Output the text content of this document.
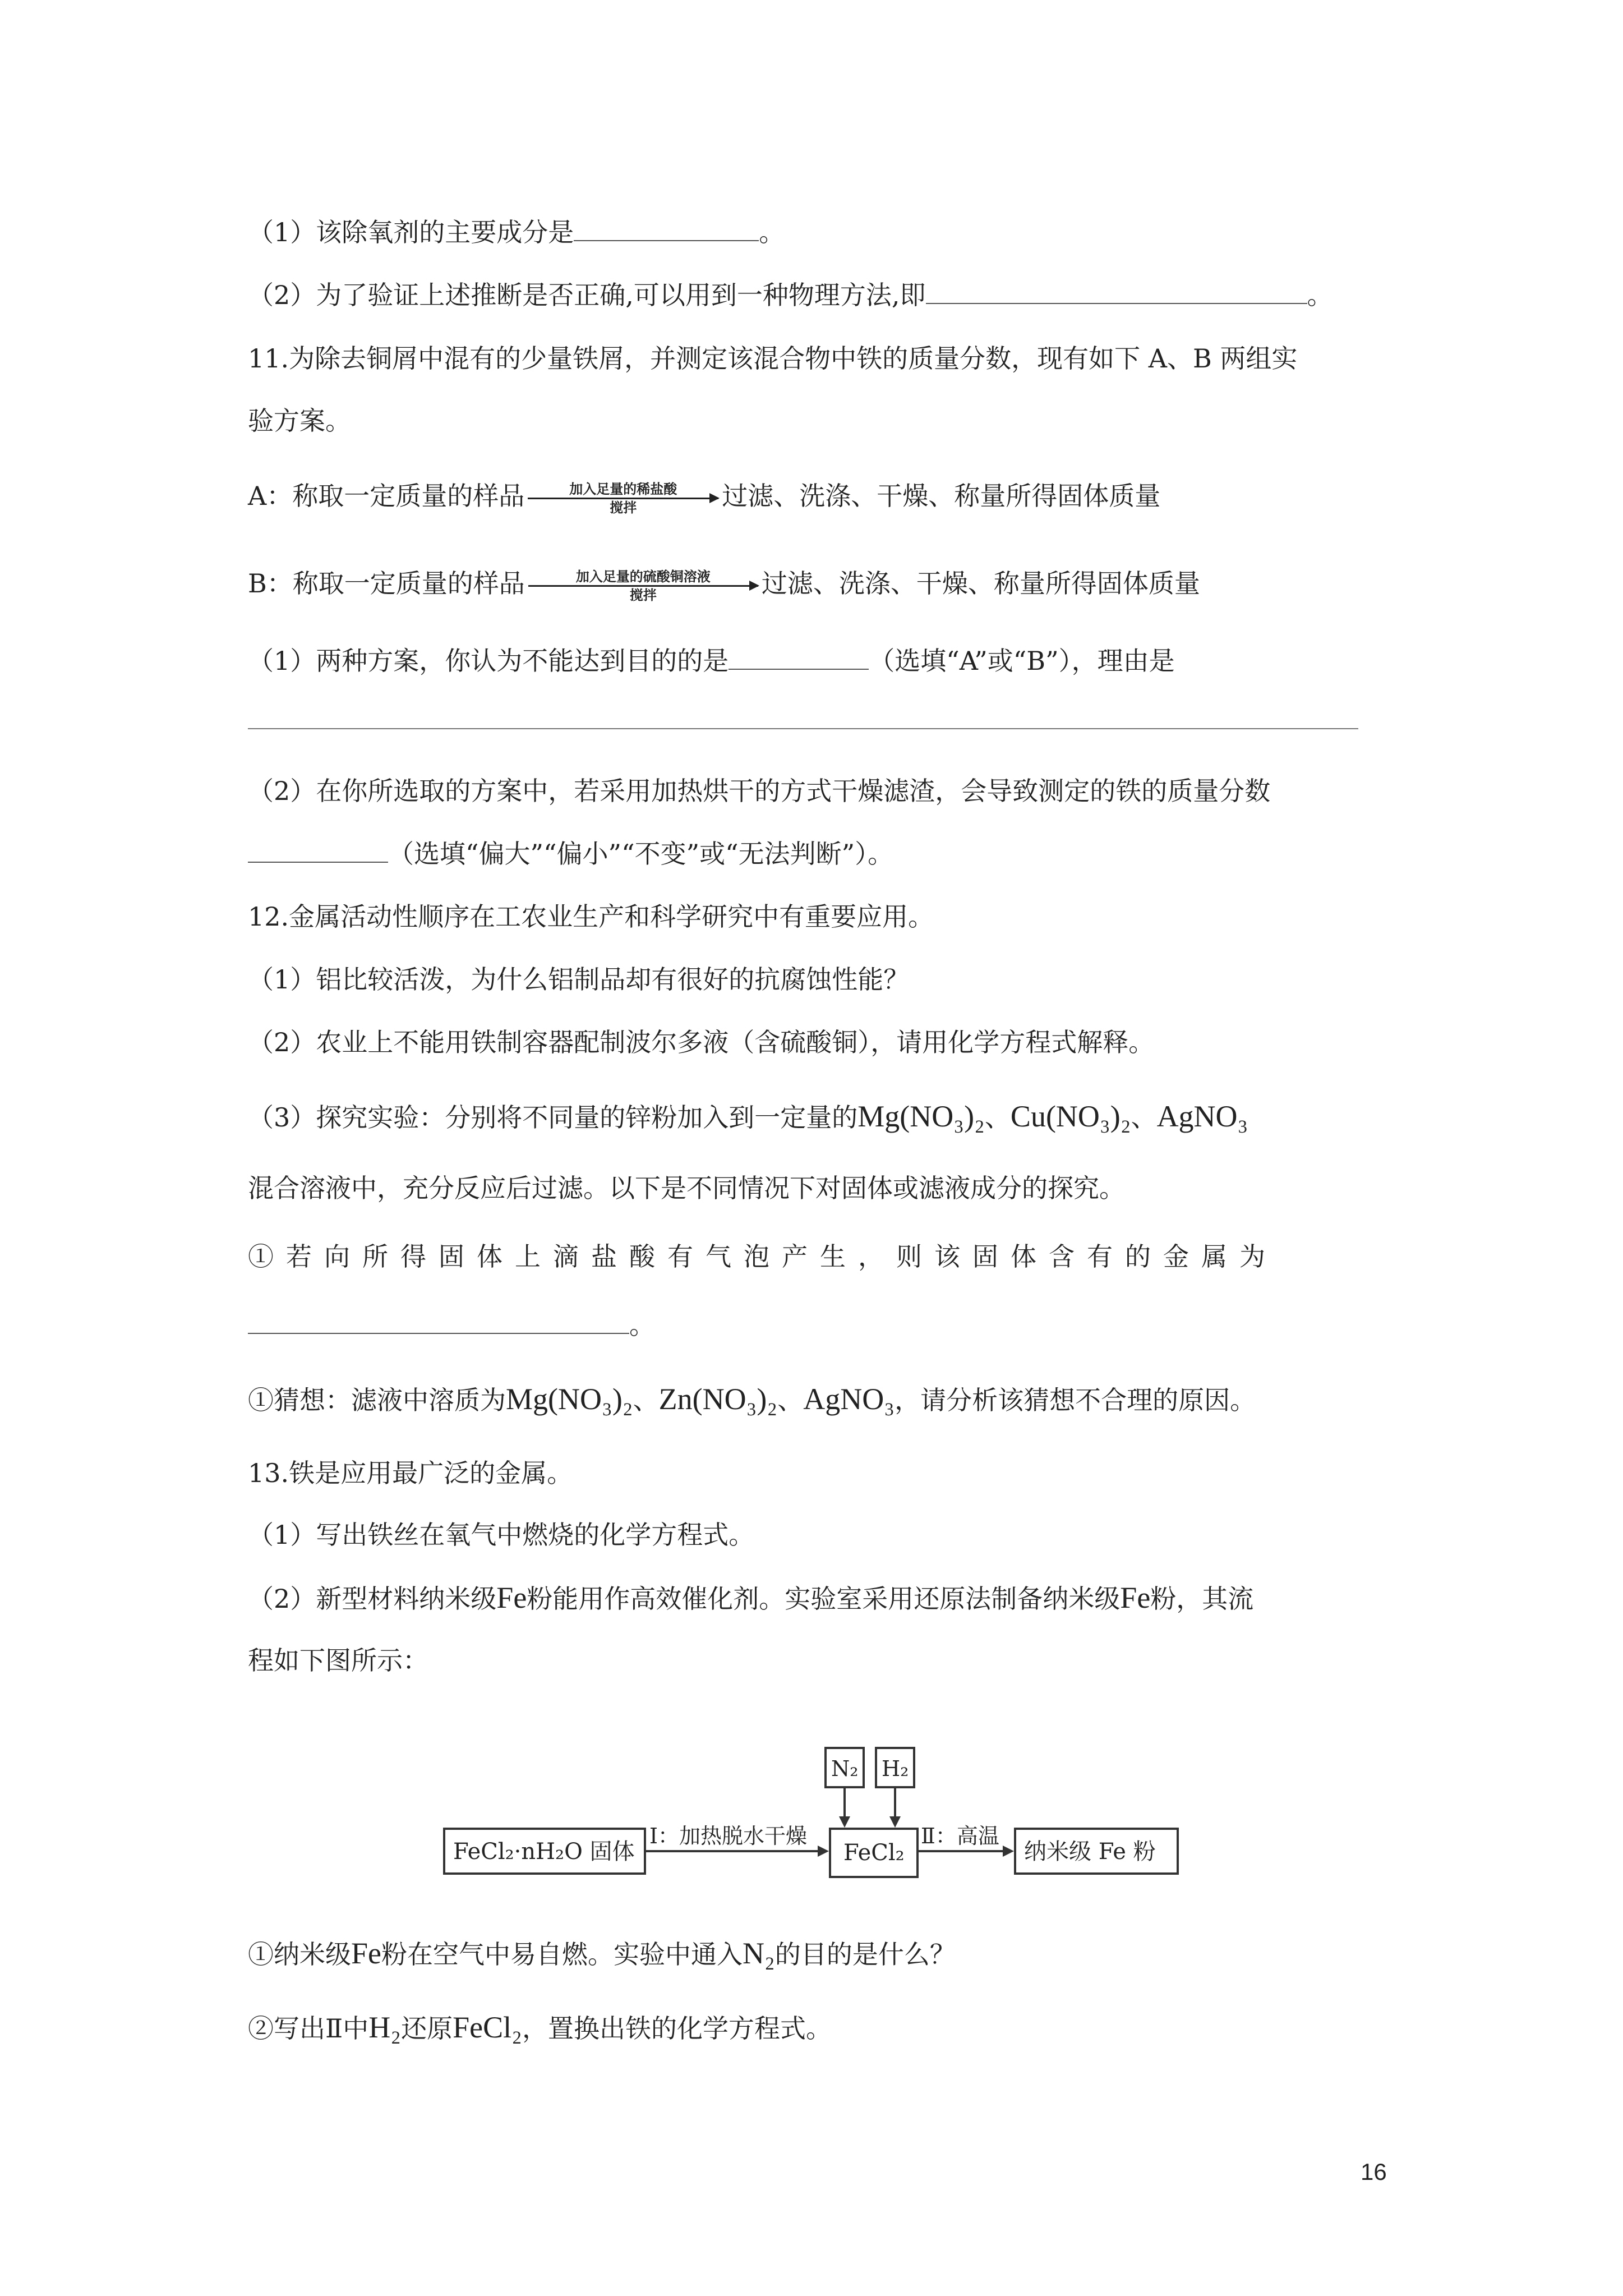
（1）该除氧剂的主要成分是	。
（2）为了验证上述推断是否正确,可以用到一种物理方法,即	。
11.为除去铜屑中混有的少量铁屑，并测定该混合物中铁的质量分数，现有如下 A、B 两组实
验方案。
A：称取一定质量的样品	加入足量的稀盐酸
搅拌	过滤、洗涤、干燥、称量所得固体质量
B：称取一定质量的样品	加入足量的硫酸铜溶液
搅拌	过滤、洗涤、干燥、称量所得固体质量
（1）两种方案，你认为不能达到目的的是	（选填“A”或“B”），理由是
（2）在你所选取的方案中，若采用加热烘干的方式干燥滤渣，会导致测定的铁的质量分数
（选填“偏大”“偏小”“不变”或“无法判断”）。
12.金属活动性顺序在工农业生产和科学研究中有重要应用。
（1）铝比较活泼，为什么铝制品却有很好的抗腐蚀性能？
（2）农业上不能用铁制容器配制波尔多液（含硫酸铜），请用化学方程式解释。
（3）探究实验：分别将不同量的锌粉加入到一定量的Mg(NO₃)₂、Cu(NO₃)₂、AgNO₃
混合溶液中，充分反应后过滤。以下是不同情况下对固体或滤液成分的探究。
①若向所得固体上滴盐酸有气泡产生，则该固体含有的金属为
。
①猜想：滤液中溶质为Mg(NO₃)₂、Zn(NO₃)₂、AgNO₃，请分析该猜想不合理的原因。
13.铁是应用最广泛的金属。
（1）写出铁丝在氧气中燃烧的化学方程式。
（2）新型材料纳米级Fe粉能用作高效催化剂。实验室采用还原法制备纳米级Fe粉，其流
程如下图所示：
FeCl₂·nH₂O 固体
Ⅰ：加热脱水干燥
FeCl₂
Ⅱ：高温
纳米级 Fe 粉
N₂ H₂
①纳米级Fe粉在空气中易自燃。实验中通入N₂的目的是什么？
②写出Ⅱ中H₂还原FeCl₂，置换出铁的化学方程式。
16
